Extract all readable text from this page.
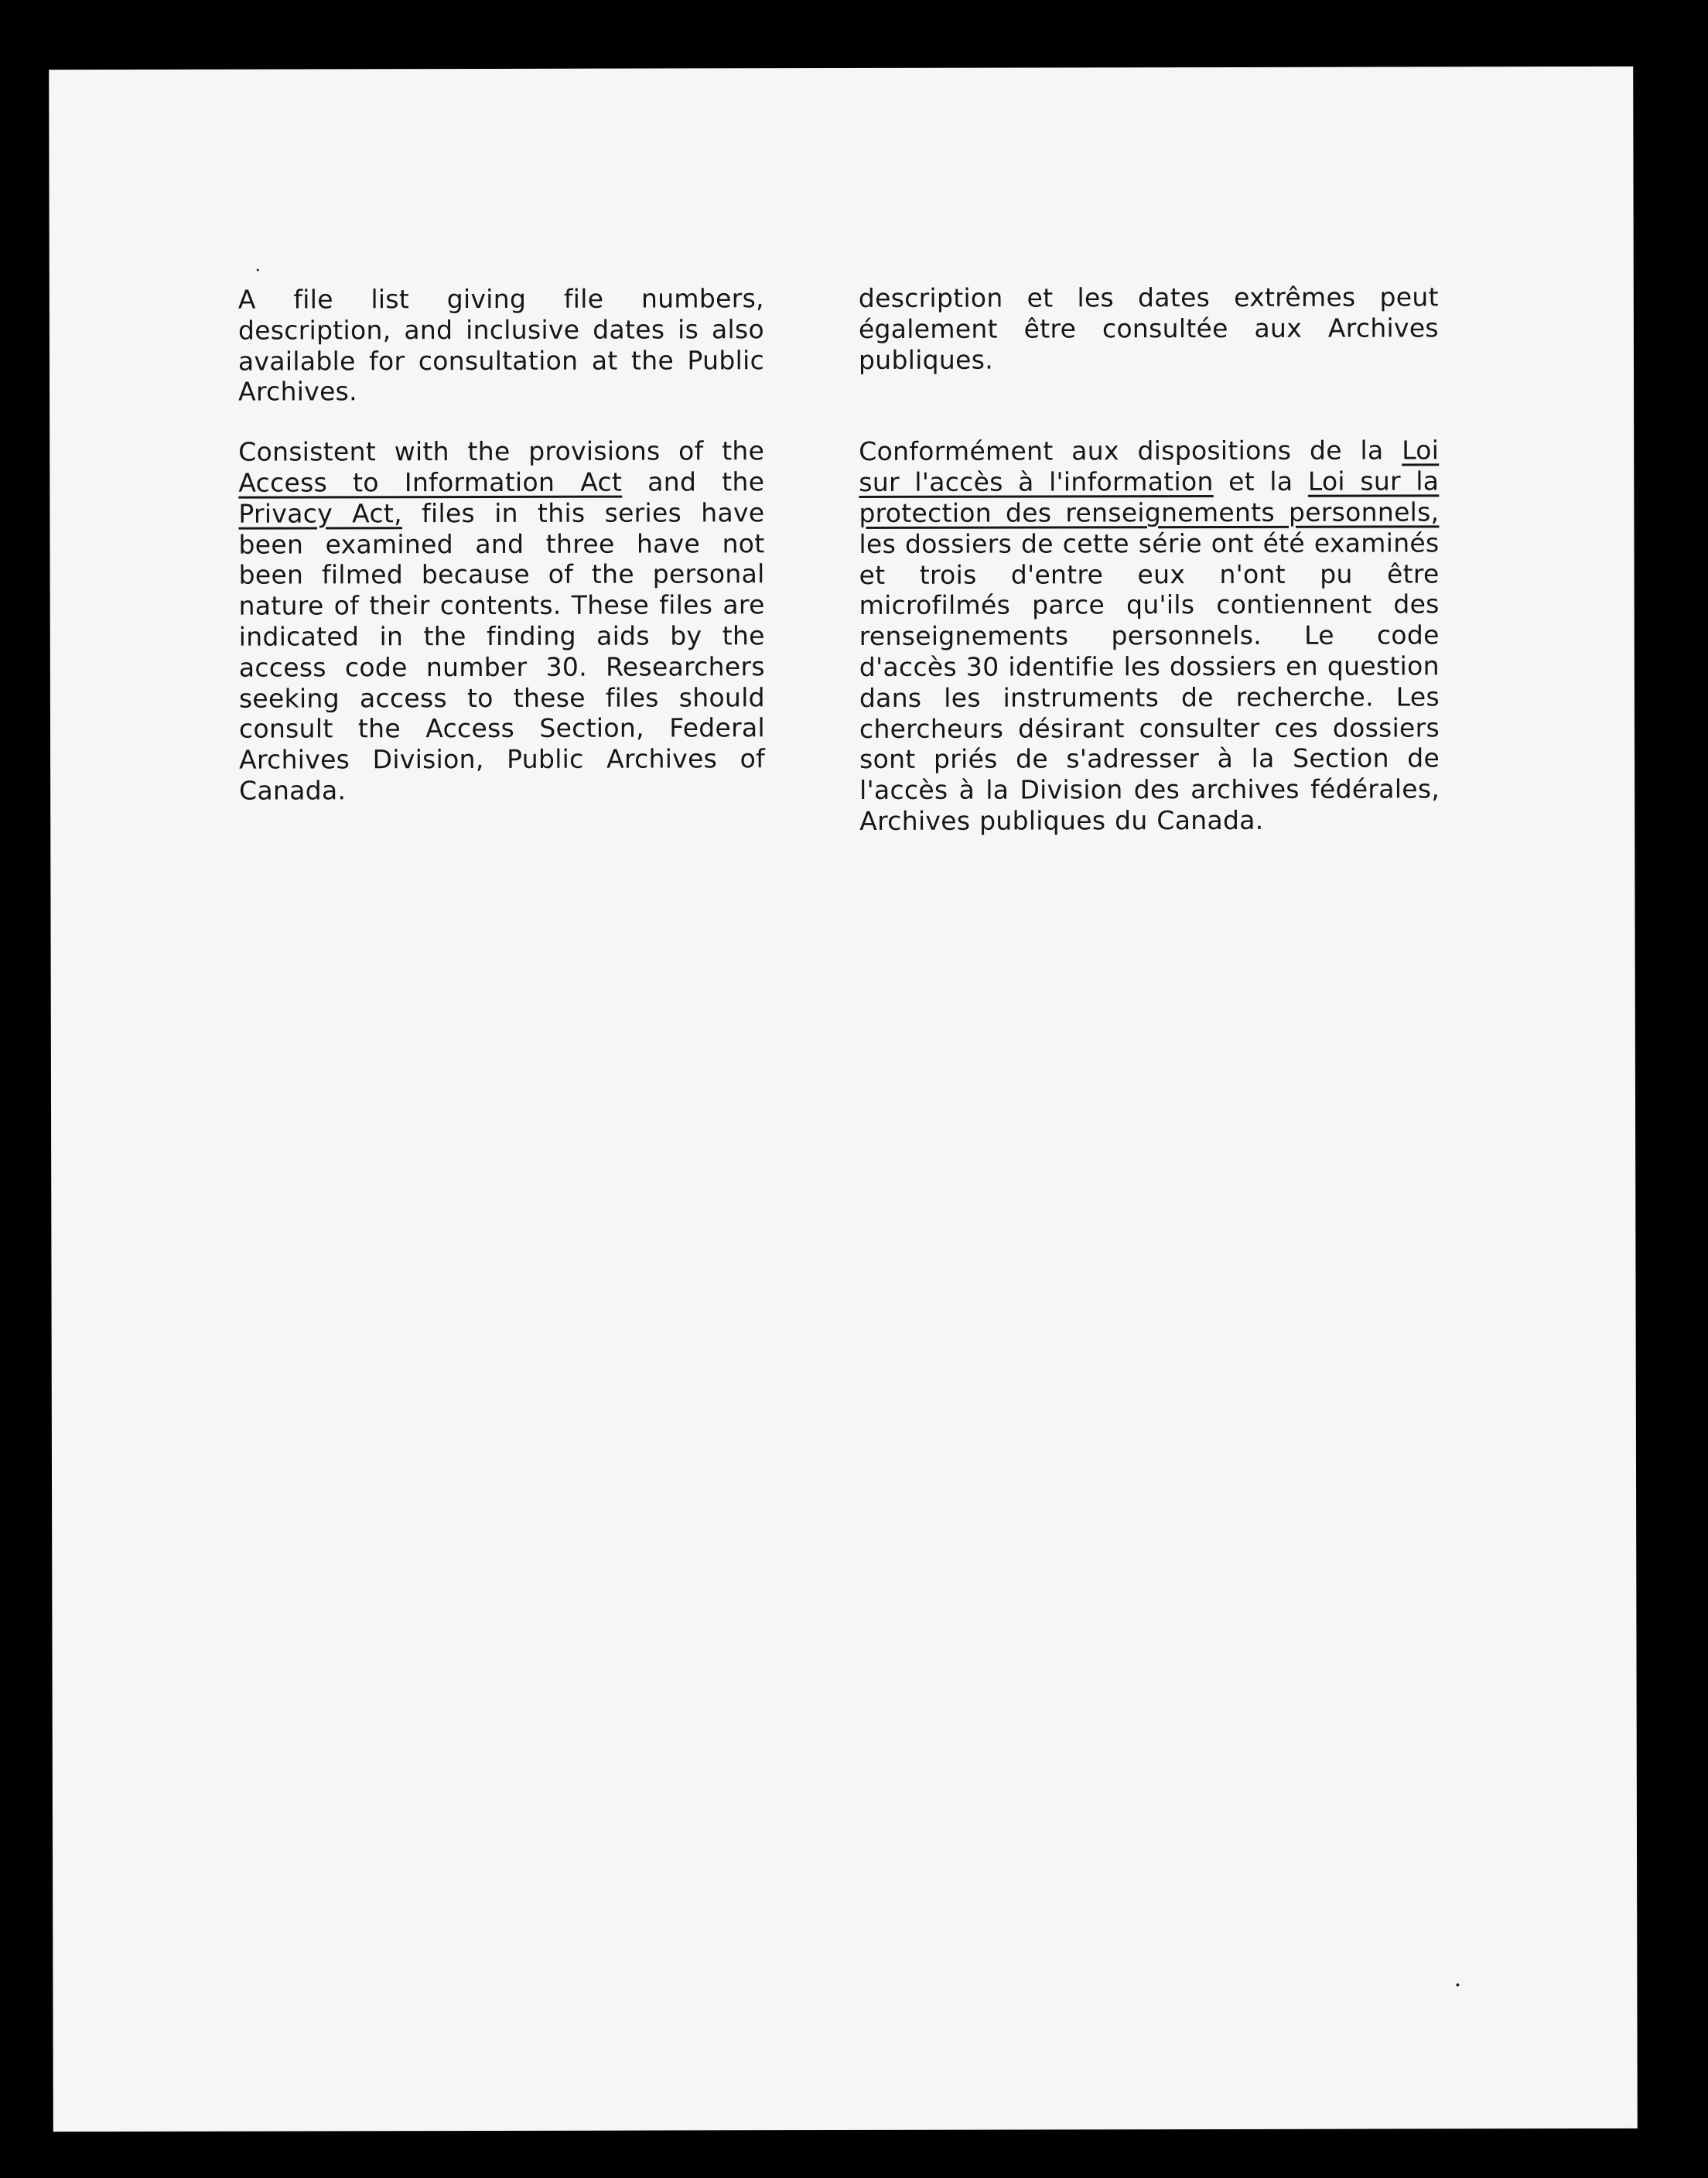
A file list giving file numbers, description, and inclusive dates is also available for consultation at the Public Archives.

Consistent with the provisions of the Access to Information Act and the Privacy Act, files in this series have been examined and three have not been filmed because of the personal nature of their contents. These files are indicated in the finding aids by the access code number 30. Researchers seeking access to these files should consult the Access Section, Federal Archives Division, Public Archives of Canada.

description et les dates extrêmes peut également être consultée aux Archives publiques.

Conformément aux dispositions de la Loi sur l'accès à l'information et la Loi sur la protection des renseignements personnels, les dossiers de cette série ont été examinés et trois d'entre eux n'ont pu être microfilmés parce qu'ils contiennent des renseignements personnels. Le code d'accès 30 identifie les dossiers en question dans les instruments de recherche. Les chercheurs désirant consulter ces dossiers sont priés de s'adresser à la Section de l'accès à la Division des archives fédérales, Archives publiques du Canada.
